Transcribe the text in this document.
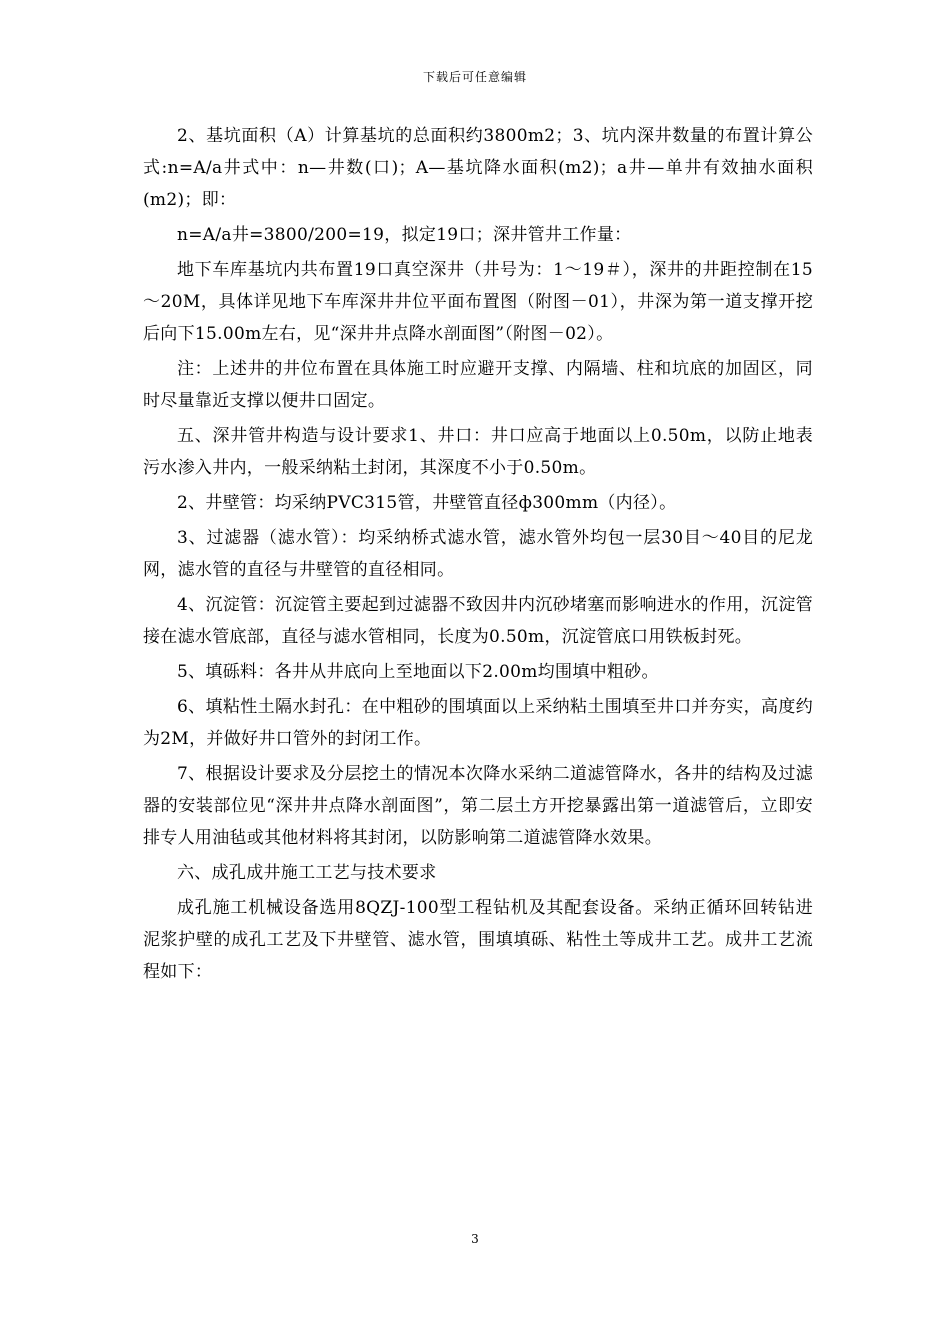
下载后可任意编辑

2、基坑面积（A）计算基坑的总面积约3800m2；3、坑内深井数量的布置计算公式:n=A/a井式中：n—井数(口)；A—基坑降水面积(m2)；a井—单井有效抽水面积(m2)；即：

n=A/a井=3800/200=19，拟定19口；深井管井工作量：

地下车库基坑内共布置19口真空深井（井号为：1～19＃），深井的井距控制在15～20M，具体详见地下车库深井井位平面布置图（附图－01），井深为第一道支撑开挖后向下15.00m左右，见“深井井点降水剖面图”（附图－02）。

注：上述井的井位布置在具体施工时应避开支撑、内隔墙、柱和坑底的加固区，同时尽量靠近支撑以便井口固定。

五、深井管井构造与设计要求1、井口：井口应高于地面以上0.50m，以防止地表污水渗入井内，一般采纳粘土封闭，其深度不小于0.50m。

2、井壁管：均采纳PVC315管，井壁管直径ф300mm（内径）。

3、过滤器（滤水管）：均采纳桥式滤水管，滤水管外均包一层30目～40目的尼龙网，滤水管的直径与井壁管的直径相同。

4、沉淀管：沉淀管主要起到过滤器不致因井内沉砂堵塞而影响进水的作用，沉淀管接在滤水管底部，直径与滤水管相同，长度为0.50m，沉淀管底口用铁板封死。

5、填砾料：各井从井底向上至地面以下2.00m均围填中粗砂。

6、填粘性土隔水封孔：在中粗砂的围填面以上采纳粘土围填至井口并夯实，高度约为2M，并做好井口管外的封闭工作。

7、根据设计要求及分层挖土的情况本次降水采纳二道滤管降水，各井的结构及过滤器的安装部位见“深井井点降水剖面图”，第二层土方开挖暴露出第一道滤管后，立即安排专人用油毡或其他材料将其封闭，以防影响第二道滤管降水效果。

六、成孔成井施工工艺与技术要求

成孔施工机械设备选用8QZJ-100型工程钻机及其配套设备。采纳正循环回转钻进泥浆护壁的成孔工艺及下井壁管、滤水管，围填填砾、粘性土等成井工艺。成井工艺流程如下：

3
